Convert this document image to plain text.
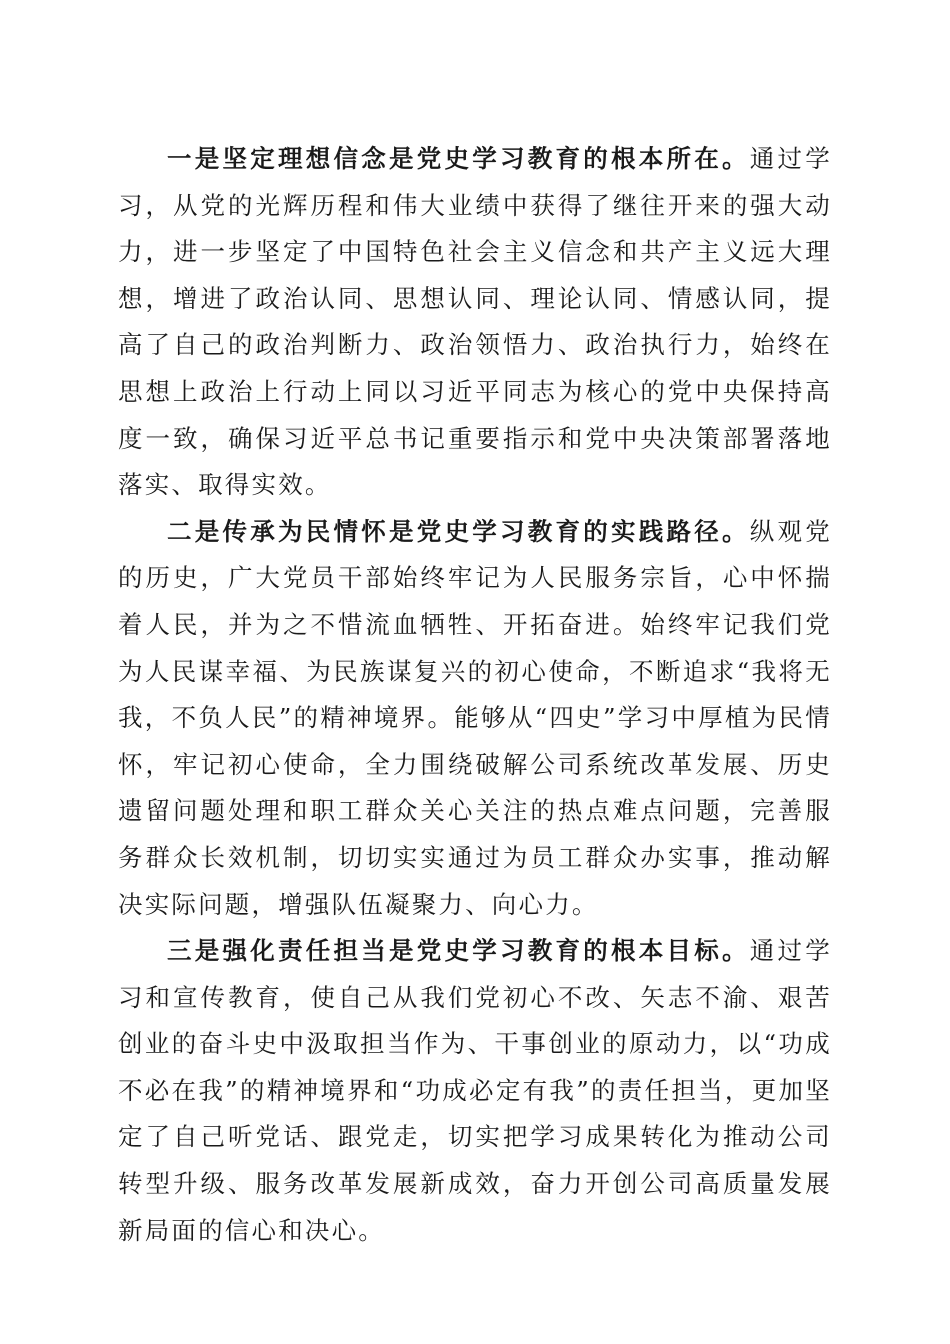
一是坚定理想信念是党史学习教育的根本所在。通过学习，从党的光辉历程和伟大业绩中获得了继往开来的强大动力，进一步坚定了中国特色社会主义信念和共产主义远大理想，增进了政治认同、思想认同、理论认同、情感认同，提高了自己的政治判断力、政治领悟力、政治执行力，始终在思想上政治上行动上同以习近平同志为核心的党中央保持高度一致，确保习近平总书记重要指示和党中央决策部署落地落实、取得实效。

二是传承为民情怀是党史学习教育的实践路径。纵观党的历史，广大党员干部始终牢记为人民服务宗旨，心中怀揣着人民，并为之不惜流血牺牲、开拓奋进。始终牢记我们党为人民谋幸福、为民族谋复兴的初心使命，不断追求“我将无我，不负人民”的精神境界。能够从“四史”学习中厚植为民情怀，牢记初心使命，全力围绕破解公司系统改革发展、历史遗留问题处理和职工群众关心关注的热点难点问题，完善服务群众长效机制，切切实实通过为员工群众办实事，推动解决实际问题，增强队伍凝聚力、向心力。

三是强化责任担当是党史学习教育的根本目标。通过学习和宣传教育，使自己从我们党初心不改、矢志不渝、艰苦创业的奋斗史中汲取担当作为、干事创业的原动力，以“功成不必在我”的精神境界和“功成必定有我”的责任担当，更加坚定了自己听党话、跟党走，切实把学习成果转化为推动公司转型升级、服务改革发展新成效，奋力开创公司高质量发展新局面的信心和决心。
